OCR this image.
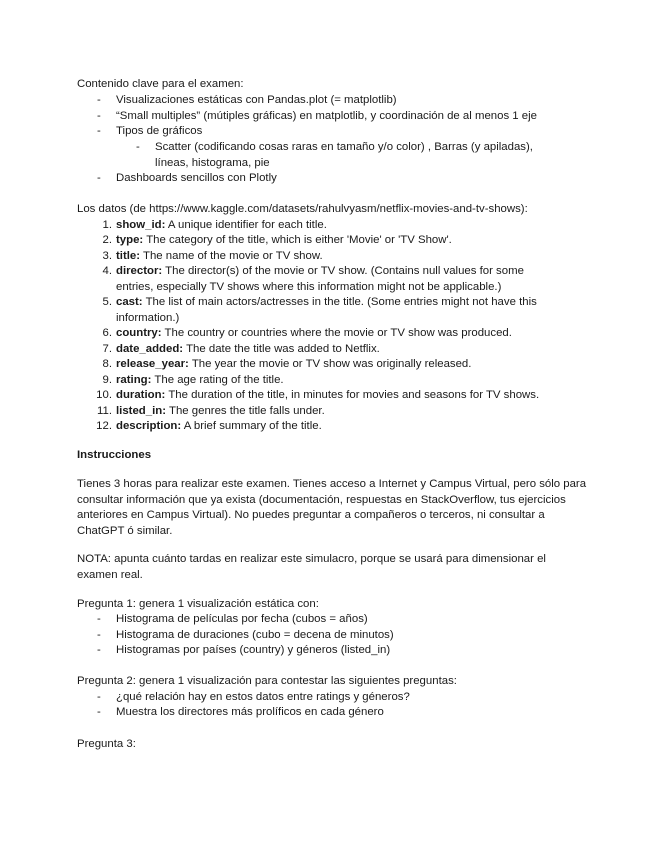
Contenido clave para el examen:
- Visualizaciones estáticas con Pandas.plot (= matplotlib)
- “Small multiples” (mútiples gráficas) en matplotlib, y coordinación de al menos 1 eje
- Tipos de gráficos
- Scatter (codificando cosas raras en tamaño y/o color) , Barras (y apiladas),
líneas, histograma, pie
- Dashboards sencillos con Plotly
Los datos (de https://www.kaggle.com/datasets/rahulvyasm/netflix-movies-and-tv-shows):
1. show_id: A unique identifier for each title.
2. type: The category of the title, which is either 'Movie' or 'TV Show'.
3. title: The name of the movie or TV show.
4. director: The director(s) of the movie or TV show. (Contains null values for some entries, especially TV shows where this information might not be applicable.)
5. cast: The list of main actors/actresses in the title. (Some entries might not have this information.)
6. country: The country or countries where the movie or TV show was produced.
7. date_added: The date the title was added to Netflix.
8. release_year: The year the movie or TV show was originally released.
9. rating: The age rating of the title.
10. duration: The duration of the title, in minutes for movies and seasons for TV shows.
11. listed_in: The genres the title falls under.
12. description: A brief summary of the title.
Instrucciones
Tienes 3 horas para realizar este examen. Tienes acceso a Internet y Campus Virtual, pero sólo para consultar información que ya exista (documentación, respuestas en StackOverflow, tus ejercicios anteriores en Campus Virtual). No puedes preguntar a compañeros o terceros, ni consultar a ChatGPT ó similar.
NOTA: apunta cuánto tardas en realizar este simulacro, porque se usará para dimensionar el examen real.
Pregunta 1: genera 1 visualización estática con:
- Histograma de películas por fecha (cubos = años)
- Histograma de duraciones (cubo = decena de minutos)
- Histogramas por países (country) y géneros (listed_in)
Pregunta 2: genera 1 visualización para contestar las siguientes preguntas:
- ¿qué relación hay en estos datos entre ratings y géneros?
- Muestra los directores más prolíficos en cada género
Pregunta 3:
